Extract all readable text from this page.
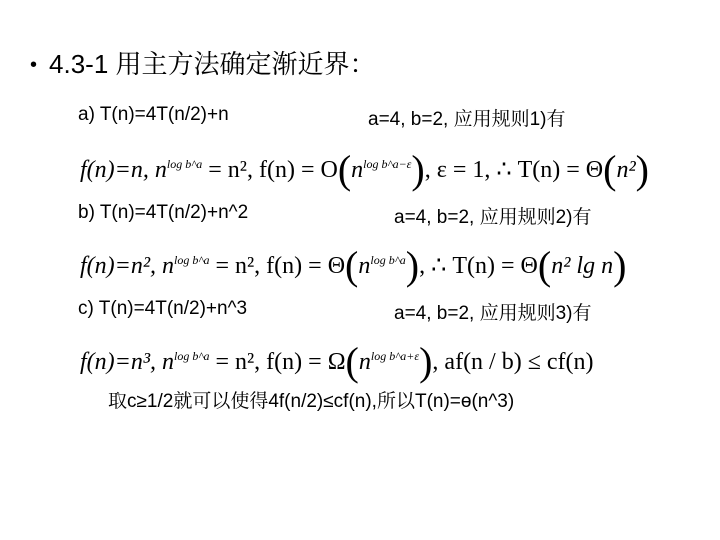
• 4.3-1 用主方法确定渐近界：
a) T(n)=4T(n/2)+n	a=4, b=2, 应用规则1)有
f(n)=n, $n^{log b\^{}a} = n^2$, $f(n) = O(n^{log b\^{}a-\varepsilon})$, ε = 1, ∴ T(n) = Θ(n²)
b) T(n)=4T(n/2)+n^2	a=4, b=2, 应用规则2)有
f(n)=n², $n^{log b\^{}a} = n^2$, $f(n) = \Theta(n^{log b\^{}a})$, ∴ T(n) = Θ(n² lg n)
c) T(n)=4T(n/2)+n^3	a=4, b=2, 应用规则3)有
f(n)=n³, $n^{log b\^{}a} = n^2$, $f(n) = \Omega(n^{log b\^{}a+\varepsilon})$, af(n / b) ≤ cf(n)
取c≥1/2就可以使得4f(n/2)≤cf(n),所以T(n)=ɵ(n^3)
